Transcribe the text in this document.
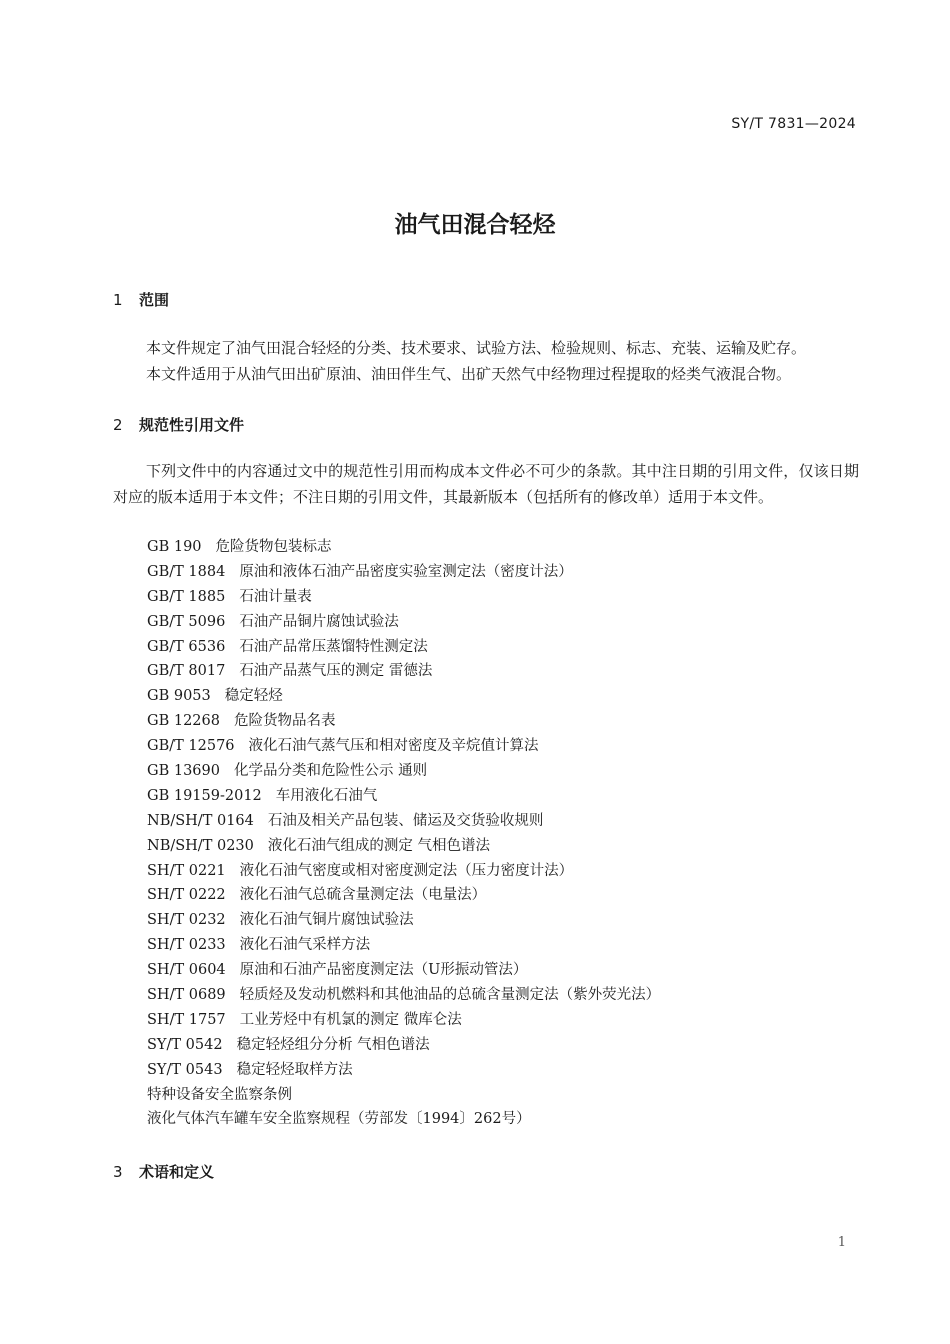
SY/T 7831—2024
油气田混合轻烃
1 范围

本文件规定了油气田混合轻烃的分类、技术要求、试验方法、检验规则、标志、充装、运输及贮存。

本文件适用于从油气田出矿原油、油田伴生气、出矿天然气中经物理过程提取的烃类气液混合物。

2 规范性引用文件

下列文件中的内容通过文中的规范性引用而构成本文件必不可少的条款。其中注日期的引用文件，仅该日期对应的版本适用于本文件；不注日期的引用文件，其最新版本（包括所有的修改单）适用于本文件。

GB 190 危险货物包装标志
GB/T 1884 原油和液体石油产品密度实验室测定法（密度计法）
GB/T 1885 石油计量表
GB/T 5096 石油产品铜片腐蚀试验法
GB/T 6536 石油产品常压蒸馏特性测定法
GB/T 8017 石油产品蒸气压的测定 雷德法
GB 9053 稳定轻烃
GB 12268 危险货物品名表
GB/T 12576 液化石油气蒸气压和相对密度及辛烷值计算法
GB 13690 化学品分类和危险性公示 通则
GB 19159-2012 车用液化石油气
NB/SH/T 0164 石油及相关产品包装、储运及交货验收规则
NB/SH/T 0230 液化石油气组成的测定 气相色谱法
SH/T 0221 液化石油气密度或相对密度测定法（压力密度计法）
SH/T 0222 液化石油气总硫含量测定法（电量法）
SH/T 0232 液化石油气铜片腐蚀试验法
SH/T 0233 液化石油气采样方法
SH/T 0604 原油和石油产品密度测定法（U形振动管法）
SH/T 0689 轻质烃及发动机燃料和其他油品的总硫含量测定法（紫外荧光法）
SH/T 1757 工业芳烃中有机氯的测定 微库仑法
SY/T 0542 稳定轻烃组分分析 气相色谱法
SY/T 0543 稳定轻烃取样方法
特种设备安全监察条例
液化气体汽车罐车安全监察规程（劳部发〔1994〕262号）
3 术语和定义
1
